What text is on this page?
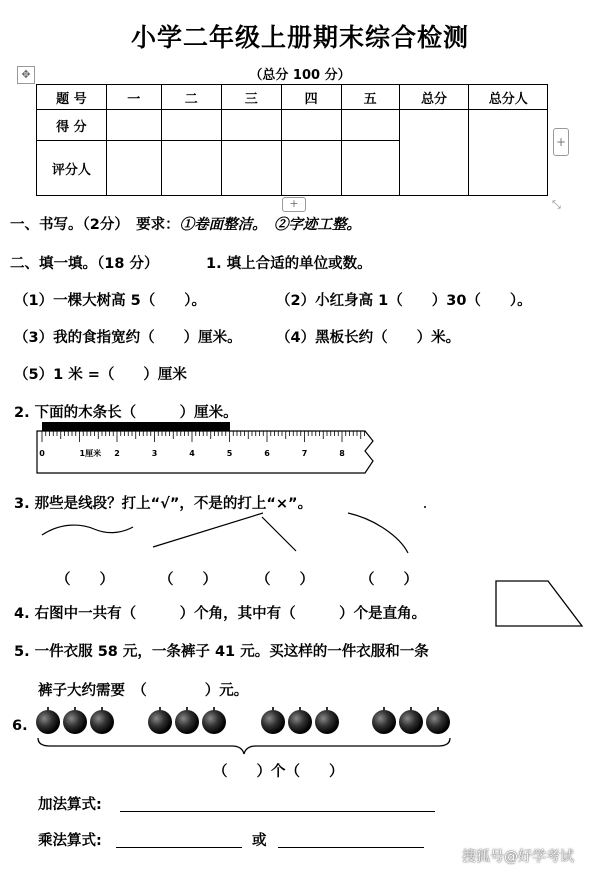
小学二年级上册期末综合检测
✥	（总分 100 分）
题 号	一	二	三	四	五	总分	总分人
得 分							
评分人							
+
+	⤡
一、书写。（2分）　要求：①卷面整洁。　 ②字迹工整。
二、填一填。（18 分）	1. 填上合适的单位或数。
（1）一棵大树高 5（　　）。	（2）小红身高 1（　　）30（　　）。
（3）我的食指宽约（　　）厘米。 （4）黑板长约（　　）米。
（5）1 米 =（　　）厘米
2. 下面的木条长（　　　）厘米。
0	1厘米 2	3	4	5	6	7	8
3. 那些是线段？打上“√”，不是的打上“×”。
（　　）	（　　）	（　　）	（　　）
4. 右图中一共有（　　　）个角，其中有（　　　）个是直角。
5. 一件衣服 58 元，一条裤子 41 元。买这样的一件衣服和一条
裤子大约需要　（　　　　）元。
6.
（　　）个（　　）
加法算式:
乘法算式:	或
搜狐号@好学考试
